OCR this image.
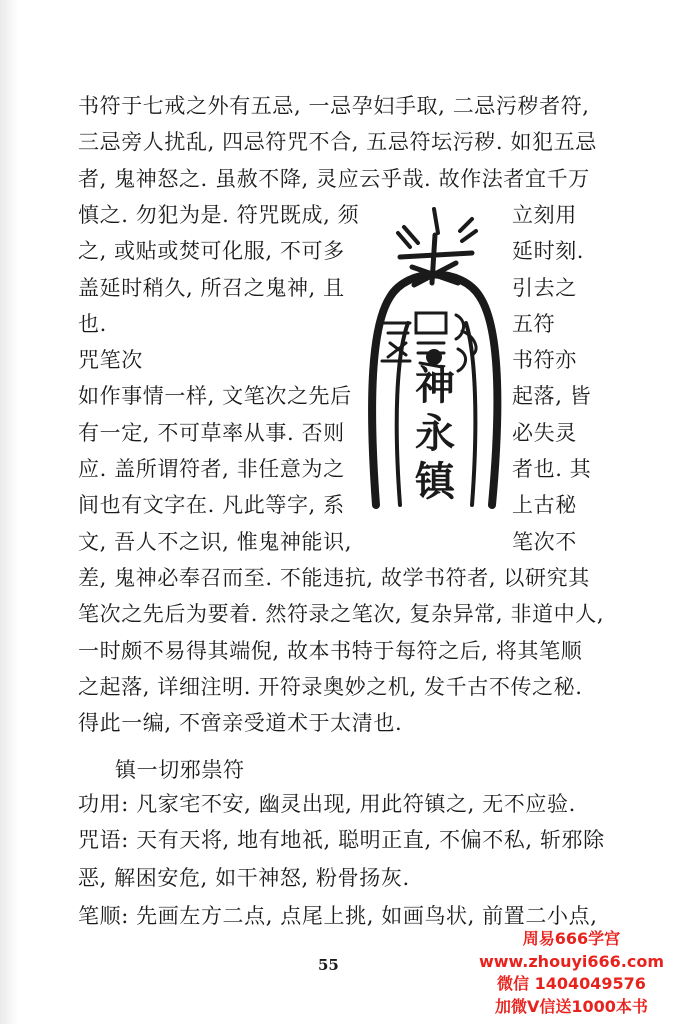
书符于七戒之外有五忌, 一忌孕妇手取, 二忌污秽者符,
三忌旁人扰乱, 四忌符咒不合, 五忌符坛污秽. 如犯五忌
者, 鬼神怒之. 虽赦不降, 灵应云乎哉. 故作法者宜千万
慎之. 勿犯为是. 符咒既成, 须	立刻用
之, 或贴或焚可化服, 不可多	延时刻.
盖延时稍久, 所召之鬼神, 且	引去之
也.	五符
咒笔次	书符亦
如作事情一样, 文笔次之先后	起落, 皆
有一定, 不可草率从事. 否则	必失灵
应. 盖所谓符者, 非任意为之	者也. 其
间也有文字在. 凡此等字, 系	上古秘
文, 吾人不之识, 惟鬼神能识,	笔次不
差, 鬼神必奉召而至. 不能违抗, 故学书符者, 以研究其
笔次之先后为要着. 然符录之笔次, 复杂异常, 非道中人,
一时颇不易得其端倪, 故本书特于每符之后, 将其笔顺
之起落, 详细注明. 开符录奥妙之机, 发千古不传之秘.
得此一编, 不啻亲受道术于太清也.
镇一切邪祟符
功用: 凡家宅不安, 幽灵出现, 用此符镇之, 无不应验.
咒语: 天有天将, 地有地祇, 聪明正直, 不偏不私, 斩邪除
恶, 解困安危, 如干神怒, 粉骨扬灰.
笔顺: 先画左方二点, 点尾上挑, 如画鸟状, 前置二小点,
神
永
镇
55
周易666学宫
www.zhouyi666.com
微信 1404049576
加微V信送1000本书
